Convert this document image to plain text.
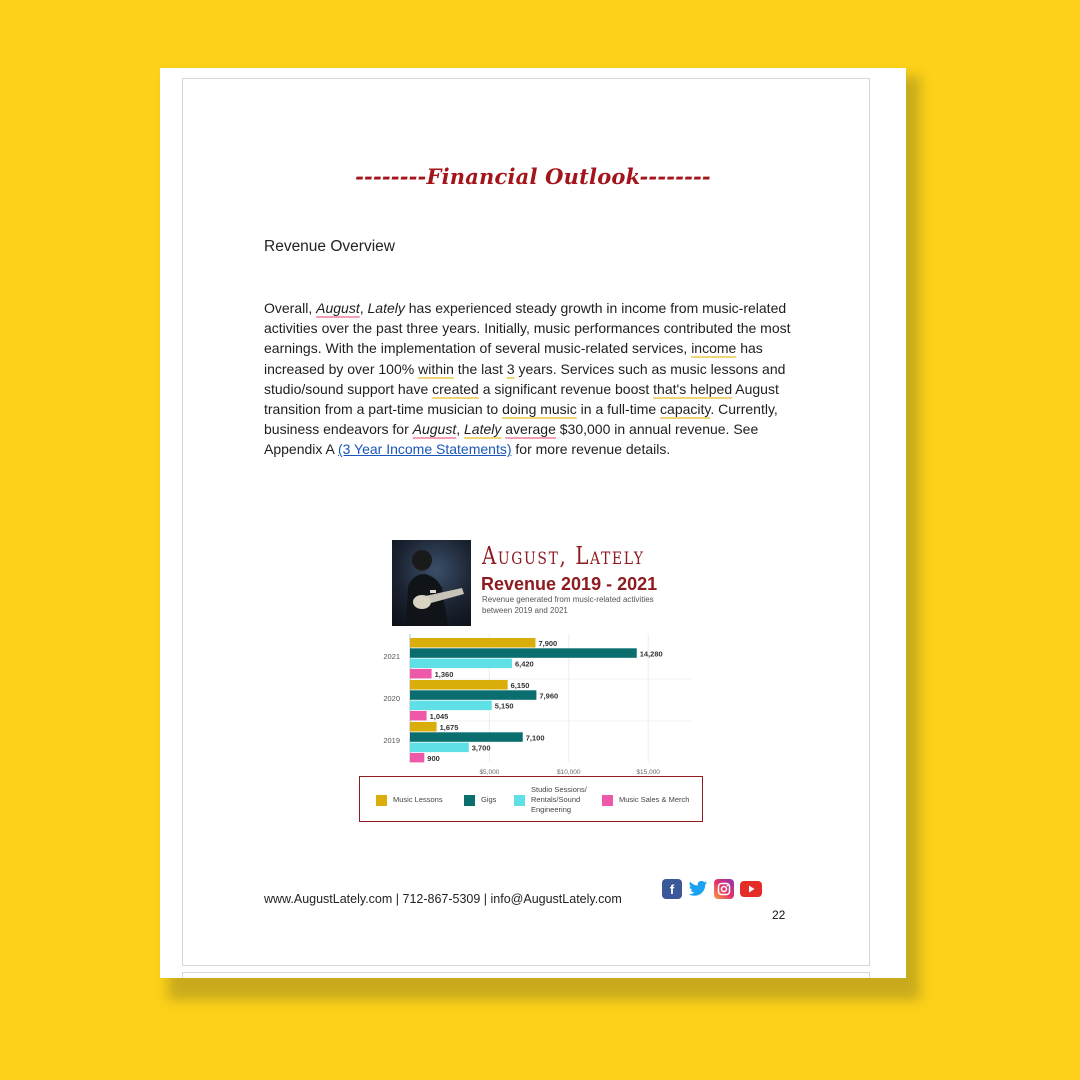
--------Financial Outlook--------
Revenue Overview
Overall, August, Lately has experienced steady growth in income from music-related activities over the past three years. Initially, music performances contributed the most earnings. With the implementation of several music-related services, income has increased by over 100% within the last 3 years. Services such as music lessons and studio/sound support have created a significant revenue boost that's helped August transition from a part-time musician to doing music in a full-time capacity. Currently, business endeavors for August, Lately average $30,000 in annual revenue. See Appendix A (3 Year Income Statements) for more revenue details.
August, Lately
Revenue 2019 - 2021
Revenue generated from music-related activities between 2019 and 2021
$5,000	$10,000	$15,000
2021
7,900
14,280
6,420
1,360
2020
6,150
7,960
5,150
1,045
2019
1,675
7,100
3,700
900
Music Lessons	Gigs
Studio Sessions/ Rentals/Sound Engineering
Music Sales & Merch
www.AugustLately.com | 712-867-5309 | info@AugustLately.com
f
22
